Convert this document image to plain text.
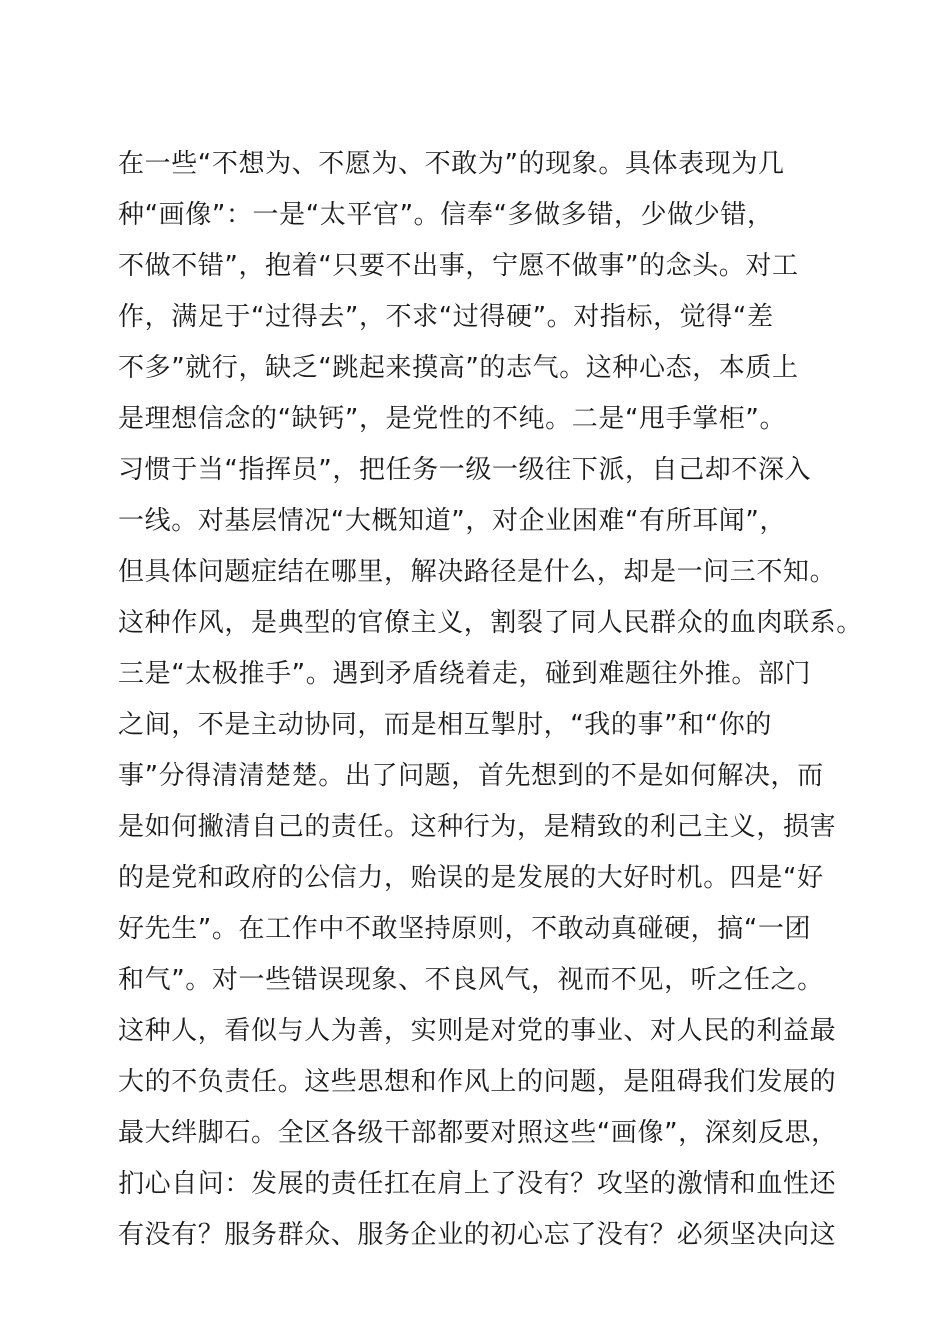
在一些“不想为、不愿为、不敢为”的现象。具体表现为几
种“画像”：一是“太平官”。信奉“多做多错，少做少错，
不做不错”，抱着“只要不出事，宁愿不做事”的念头。对工
作，满足于“过得去”，不求“过得硬”。对指标，觉得“差
不多”就行，缺乏“跳起来摸高”的志气。这种心态，本质上
是理想信念的“缺钙”，是党性的不纯。二是“甩手掌柜”。
习惯于当“指挥员”，把任务一级一级往下派，自己却不深入
一线。对基层情况“大概知道”，对企业困难“有所耳闻”，
但具体问题症结在哪里，解决路径是什么，却是一问三不知。
这种作风，是典型的官僚主义，割裂了同人民群众的血肉联系。
三是“太极推手”。遇到矛盾绕着走，碰到难题往外推。部门
之间，不是主动协同，而是相互掣肘，“我的事”和“你的
事”分得清清楚楚。出了问题，首先想到的不是如何解决，而
是如何撇清自己的责任。这种行为，是精致的利己主义，损害
的是党和政府的公信力，贻误的是发展的大好时机。四是“好
好先生”。在工作中不敢坚持原则，不敢动真碰硬，搞“一团
和气”。对一些错误现象、不良风气，视而不见，听之任之。
这种人，看似与人为善，实则是对党的事业、对人民的利益最
大的不负责任。这些思想和作风上的问题，是阻碍我们发展的
最大绊脚石。全区各级干部都要对照这些“画像”，深刻反思，
扪心自问：发展的责任扛在肩上了没有？攻坚的激情和血性还
有没有？服务群众、服务企业的初心忘了没有？必须坚决向这
